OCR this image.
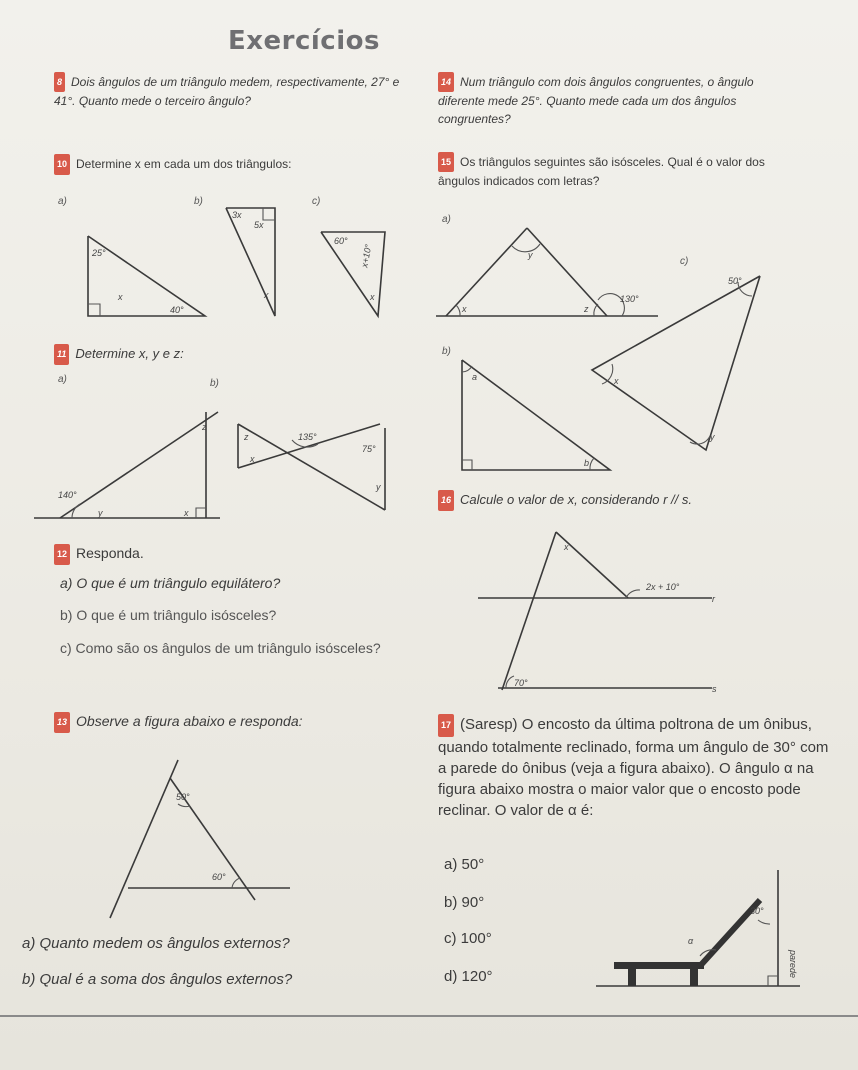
Exercícios
8 Dois ângulos de um triângulo medem, respectivamente, 27° e 41°. Quanto mede o terceiro ângulo?
10 Determine x em cada um dos triângulos:
a)	b)	c)
25°
x
40°
3x
5x
x
60°
x+10°
x
11 Determine x, y e z:
a)	b)
z
140°
y	x
z	135°
75°
x
y
12 Responda.
a) O que é um triângulo equilátero?
b) O que é um triângulo isósceles?
c) Como são os ângulos de um triângulo isósceles?
13 Observe a figura abaixo e responda:
50°
60°
a) Quanto medem os ângulos externos?
b) Qual é a soma dos ângulos externos?
14 Num triângulo com dois ângulos congruentes, o ângulo diferente mede 25°. Quanto mede cada um dos ângulos congruentes?
15 Os triângulos seguintes são isósceles. Qual é o valor dos ângulos indicados com letras?
a)
y
x	z
130°
b)
a
b
c)
50°
x
y
16 Calcule o valor de x, considerando r // s.
x
2x + 10°
r
70°
s
17 (Saresp) O encosto da última poltrona de um ônibus, quando totalmente reclinado, forma um ângulo de 30° com a parede do ônibus (veja a figura abaixo). O ângulo α na figura abaixo mostra o maior valor que o encosto pode reclinar. O valor de α é:
a) 50°
b) 90°
c) 100°
d) 120°
30°
α
parede
